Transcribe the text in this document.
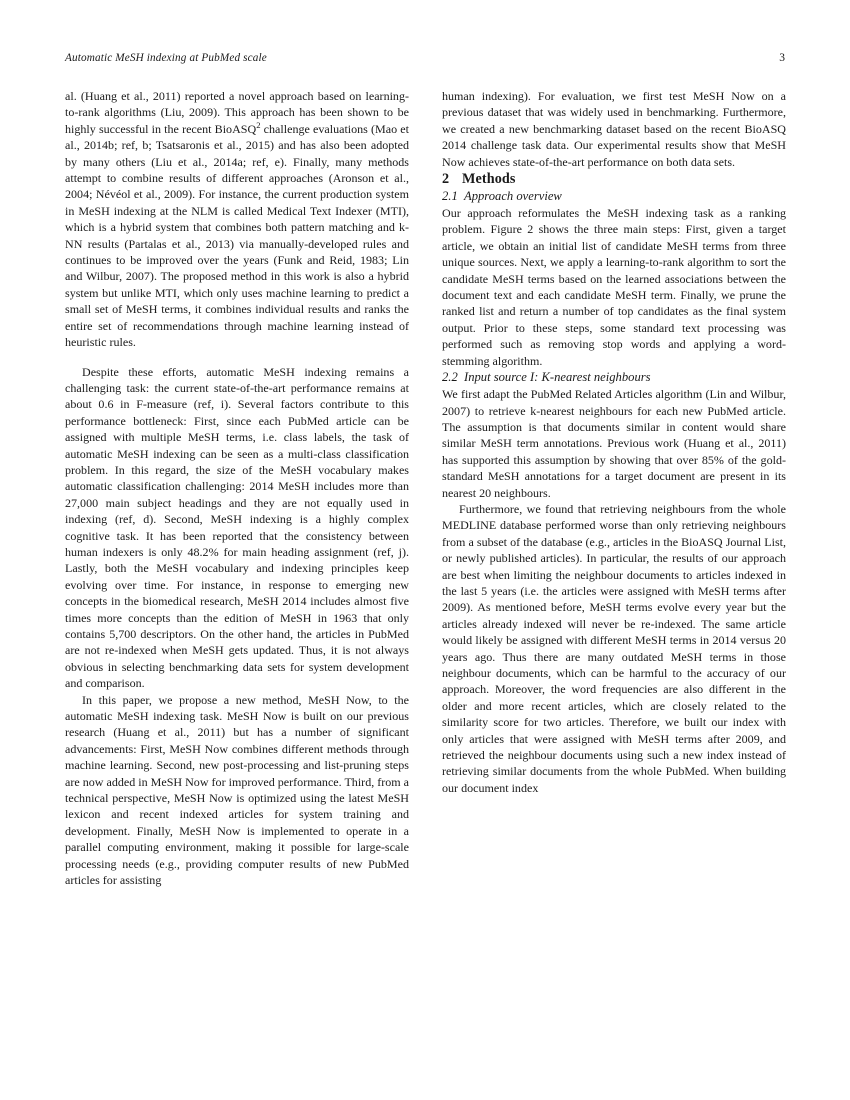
Automatic MeSH indexing at PubMed scale	3

al. (Huang et al., 2011) reported a novel approach based on learning-to-rank algorithms (Liu, 2009). This approach has been shown to be highly successful in the recent BioASQ$^2$ challenge evaluations (Mao et al., 2014b; ref, b; Tsatsaronis et al., 2015) and has also been adopted by many others (Liu et al., 2014a; ref, e). Finally, many methods attempt to combine results of different approaches (Aronson et al., 2004; Névéol et al., 2009). For instance, the current production system in MeSH indexing at the NLM is called Medical Text Indexer (MTI), which is a hybrid system that combines both pattern matching and k-NN results (Partalas et al., 2013) via manually-developed rules and continues to be improved over the years (Funk and Reid, 1983; Lin and Wilbur, 2007). The proposed method in this work is also a hybrid system but unlike MTI, which only uses machine learning to predict a small set of MeSH terms, it combines individual results and ranks the entire set of recommendations through machine learning instead of heuristic rules.

Despite these efforts, automatic MeSH indexing remains a challenging task: the current state-of-the-art performance remains at about 0.6 in F-measure (ref, i). Several factors contribute to this performance bottleneck: First, since each PubMed article can be assigned with multiple MeSH terms, i.e. class labels, the task of automatic MeSH indexing can be seen as a multi-class classification problem. In this regard, the size of the MeSH vocabulary makes automatic classification challenging: 2014 MeSH includes more than 27,000 main subject headings and they are not equally used in indexing (ref, d). Second, MeSH indexing is a highly complex cognitive task. It has been reported that the consistency between human indexers is only 48.2% for main heading assignment (ref, j). Lastly, both the MeSH vocabulary and indexing principles keep evolving over time. For instance, in response to emerging new concepts in the biomedical research, MeSH 2014 includes almost five times more concepts than the edition of MeSH in 1963 that only contains 5,700 descriptors. On the other hand, the articles in PubMed are not re-indexed when MeSH gets updated. Thus, it is not always obvious in selecting benchmarking data sets for system development and comparison.

In this paper, we propose a new method, MeSH Now, to the automatic MeSH indexing task. MeSH Now is built on our previous research (Huang et al., 2011) but has a number of significant advancements: First, MeSH Now combines different methods through machine learning. Second, new post-processing and list-pruning steps are now added in MeSH Now for improved performance. Third, from a technical perspective, MeSH Now is optimized using the latest MeSH lexicon and recent indexed articles for system training and development. Finally, MeSH Now is implemented to operate in a parallel computing environment, making it possible for large-scale processing needs (e.g., providing computer results of new PubMed articles for assisting

human indexing). For evaluation, we first test MeSH Now on a previous dataset that was widely used in benchmarking. Furthermore, we created a new benchmarking dataset based on the recent BioASQ 2014 challenge task data. Our experimental results show that MeSH Now achieves state-of-the-art performance on both data sets.

2 Methods
2.1 Approach overview

Our approach reformulates the MeSH indexing task as a ranking problem. Figure 2 shows the three main steps: First, given a target article, we obtain an initial list of candidate MeSH terms from three unique sources. Next, we apply a learning-to-rank algorithm to sort the candidate MeSH terms based on the learned associations between the document text and each candidate MeSH term. Finally, we prune the ranked list and return a number of top candidates as the final system output. Prior to these steps, some standard text processing was performed such as removing stop words and applying a word-stemming algorithm.

2.2 Input source I: K-nearest neighbours

We first adapt the PubMed Related Articles algorithm (Lin and Wilbur, 2007) to retrieve k-nearest neighbours for each new PubMed article. The assumption is that documents similar in content would share similar MeSH term annotations. Previous work (Huang et al., 2011) has supported this assumption by showing that over 85% of the gold-standard MeSH annotations for a target document are present in its nearest 20 neighbours.

Furthermore, we found that retrieving neighbours from the whole MEDLINE database performed worse than only retrieving neighbours from a subset of the database (e.g., articles in the BioASQ Journal List, or newly published articles). In particular, the results of our approach are best when limiting the neighbour documents to articles indexed in the last 5 years (i.e. the articles were assigned with MeSH terms after 2009). As mentioned before, MeSH terms evolve every year but the articles already indexed will never be re-indexed. The same article would likely be assigned with different MeSH terms in 2014 versus 20 years ago. Thus there are many outdated MeSH terms in those neighbour documents, which can be harmful to the accuracy of our approach. Moreover, the word frequencies are also different in the older and more recent articles, which are closely related to the similarity score for two articles. Therefore, we built our index with only articles that were assigned with MeSH terms after 2009, and retrieved the neighbour documents using such a new index instead of retrieving similar documents from the whole PubMed. When building our document index
